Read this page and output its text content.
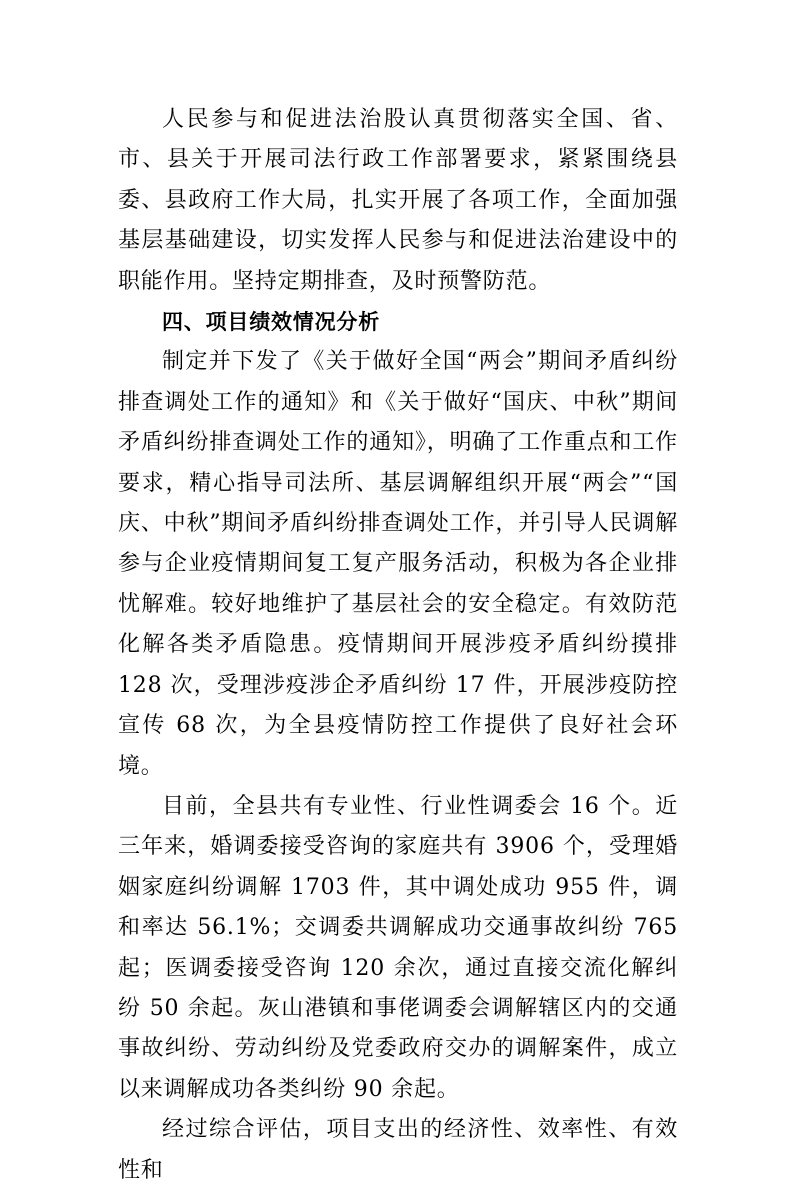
人民参与和促进法治股认真贯彻落实全国、省、市、县关于开展司法行政工作部署要求，紧紧围绕县委、县政府工作大局，扎实开展了各项工作，全面加强基层基础建设，切实发挥人民参与和促进法治建设中的职能作用。坚持定期排查，及时预警防范。

四、项目绩效情况分析

制定并下发了《关于做好全国“两会”期间矛盾纠纷排查调处工作的通知》和《关于做好“国庆、中秋”期间矛盾纠纷排查调处工作的通知》，明确了工作重点和工作要求，精心指导司法所、基层调解组织开展“两会”“国庆、中秋”期间矛盾纠纷排查调处工作，并引导人民调解参与企业疫情期间复工复产服务活动，积极为各企业排忧解难。较好地维护了基层社会的安全稳定。有效防范化解各类矛盾隐患。疫情期间开展涉疫矛盾纠纷摸排 128 次，受理涉疫涉企矛盾纠纷 17 件，开展涉疫防控宣传 68 次，为全县疫情防控工作提供了良好社会环境。

目前，全县共有专业性、行业性调委会 16 个。近三年来，婚调委接受咨询的家庭共有 3906 个，受理婚姻家庭纠纷调解 1703 件，其中调处成功 955 件，调和率达 56.1%；交调委共调解成功交通事故纠纷 765 起；医调委接受咨询 120 余次，通过直接交流化解纠纷 50 余起。灰山港镇和事佬调委会调解辖区内的交通事故纠纷、劳动纠纷及党委政府交办的调解案件，成立以来调解成功各类纠纷 90 余起。

经过综合评估，项目支出的经济性、效率性、有效性和
